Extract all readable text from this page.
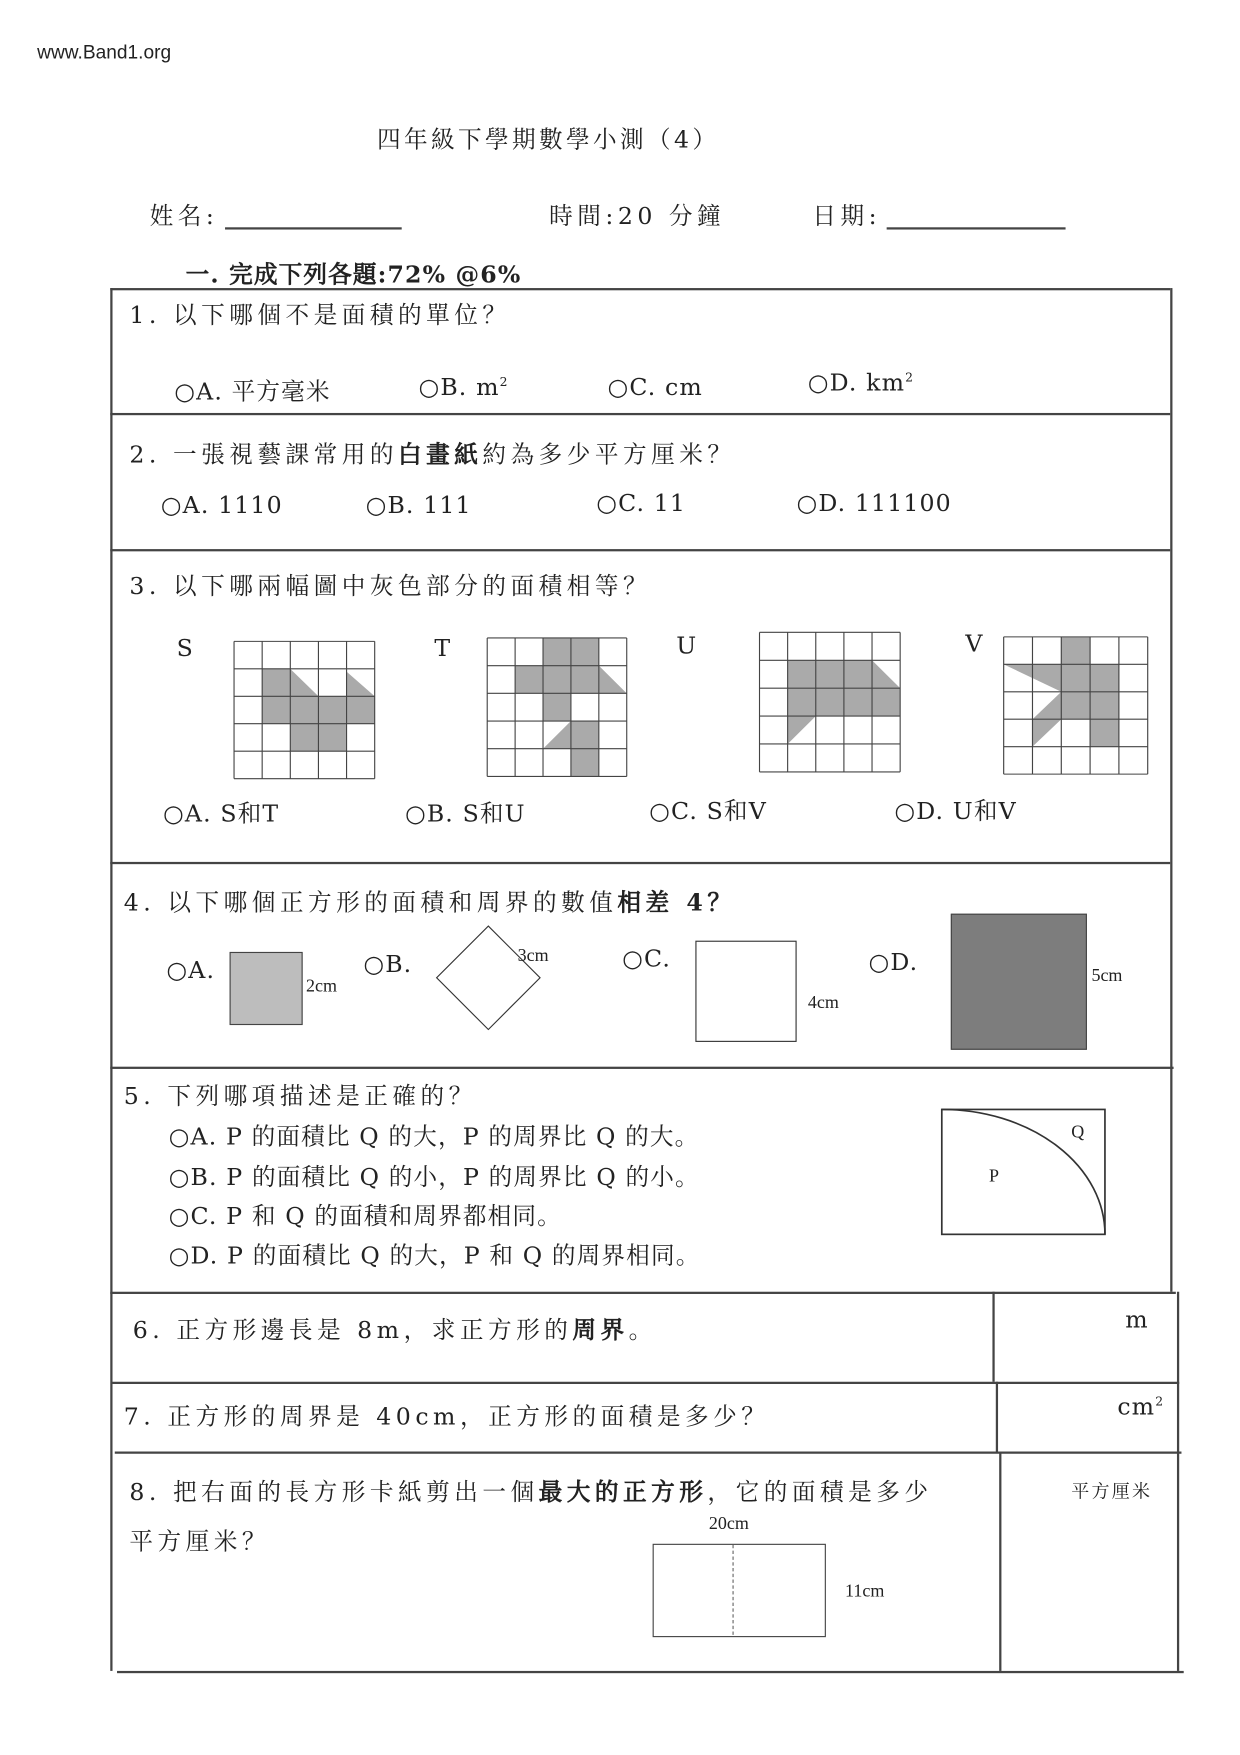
www.Band1.org
四年級下學期數學小測（4）
姓名:	時間:20 分鐘	日期:
一. 完成下列各題:72% @6%
1. 以下哪個不是面積的單位？
○A. 平方毫米	○B. $m^2$	○C. cm	○D. $km^2$
2. 一張視藝課常用的白畫紙約為多少平方厘米？
○A. 1110	○B. 111	○C. 11	○D. 111100
3. 以下哪兩幅圖中灰色部分的面積相等？
S	T	U	V
○A. S和T	○B. S和U	○C. S和V	○D. U和V
4. 以下哪個正方形的面積和周界的數值相差 4？
○A.
2cm
○B.	3cm	○C.
4cm
○D.
5cm
5. 下列哪項描述是正確的？
○A. P 的面積比 Q 的大，P 的周界比 Q 的大。
○B. P 的面積比 Q 的小，P 的周界比 Q 的小。
○C. P 和 Q 的面積和周界都相同。
○D. P 的面積比 Q 的大，P 和 Q 的周界相同。
Q
P
6. 正方形邊長是 8m，求正方形的周界。	m
7. 正方形的周界是 40cm，正方形的面積是多少？	$cm^2$
8. 把右面的長方形卡紙剪出一個最大的正方形，它的面積是多少
平方厘米？
20cm
11cm
平方厘米
